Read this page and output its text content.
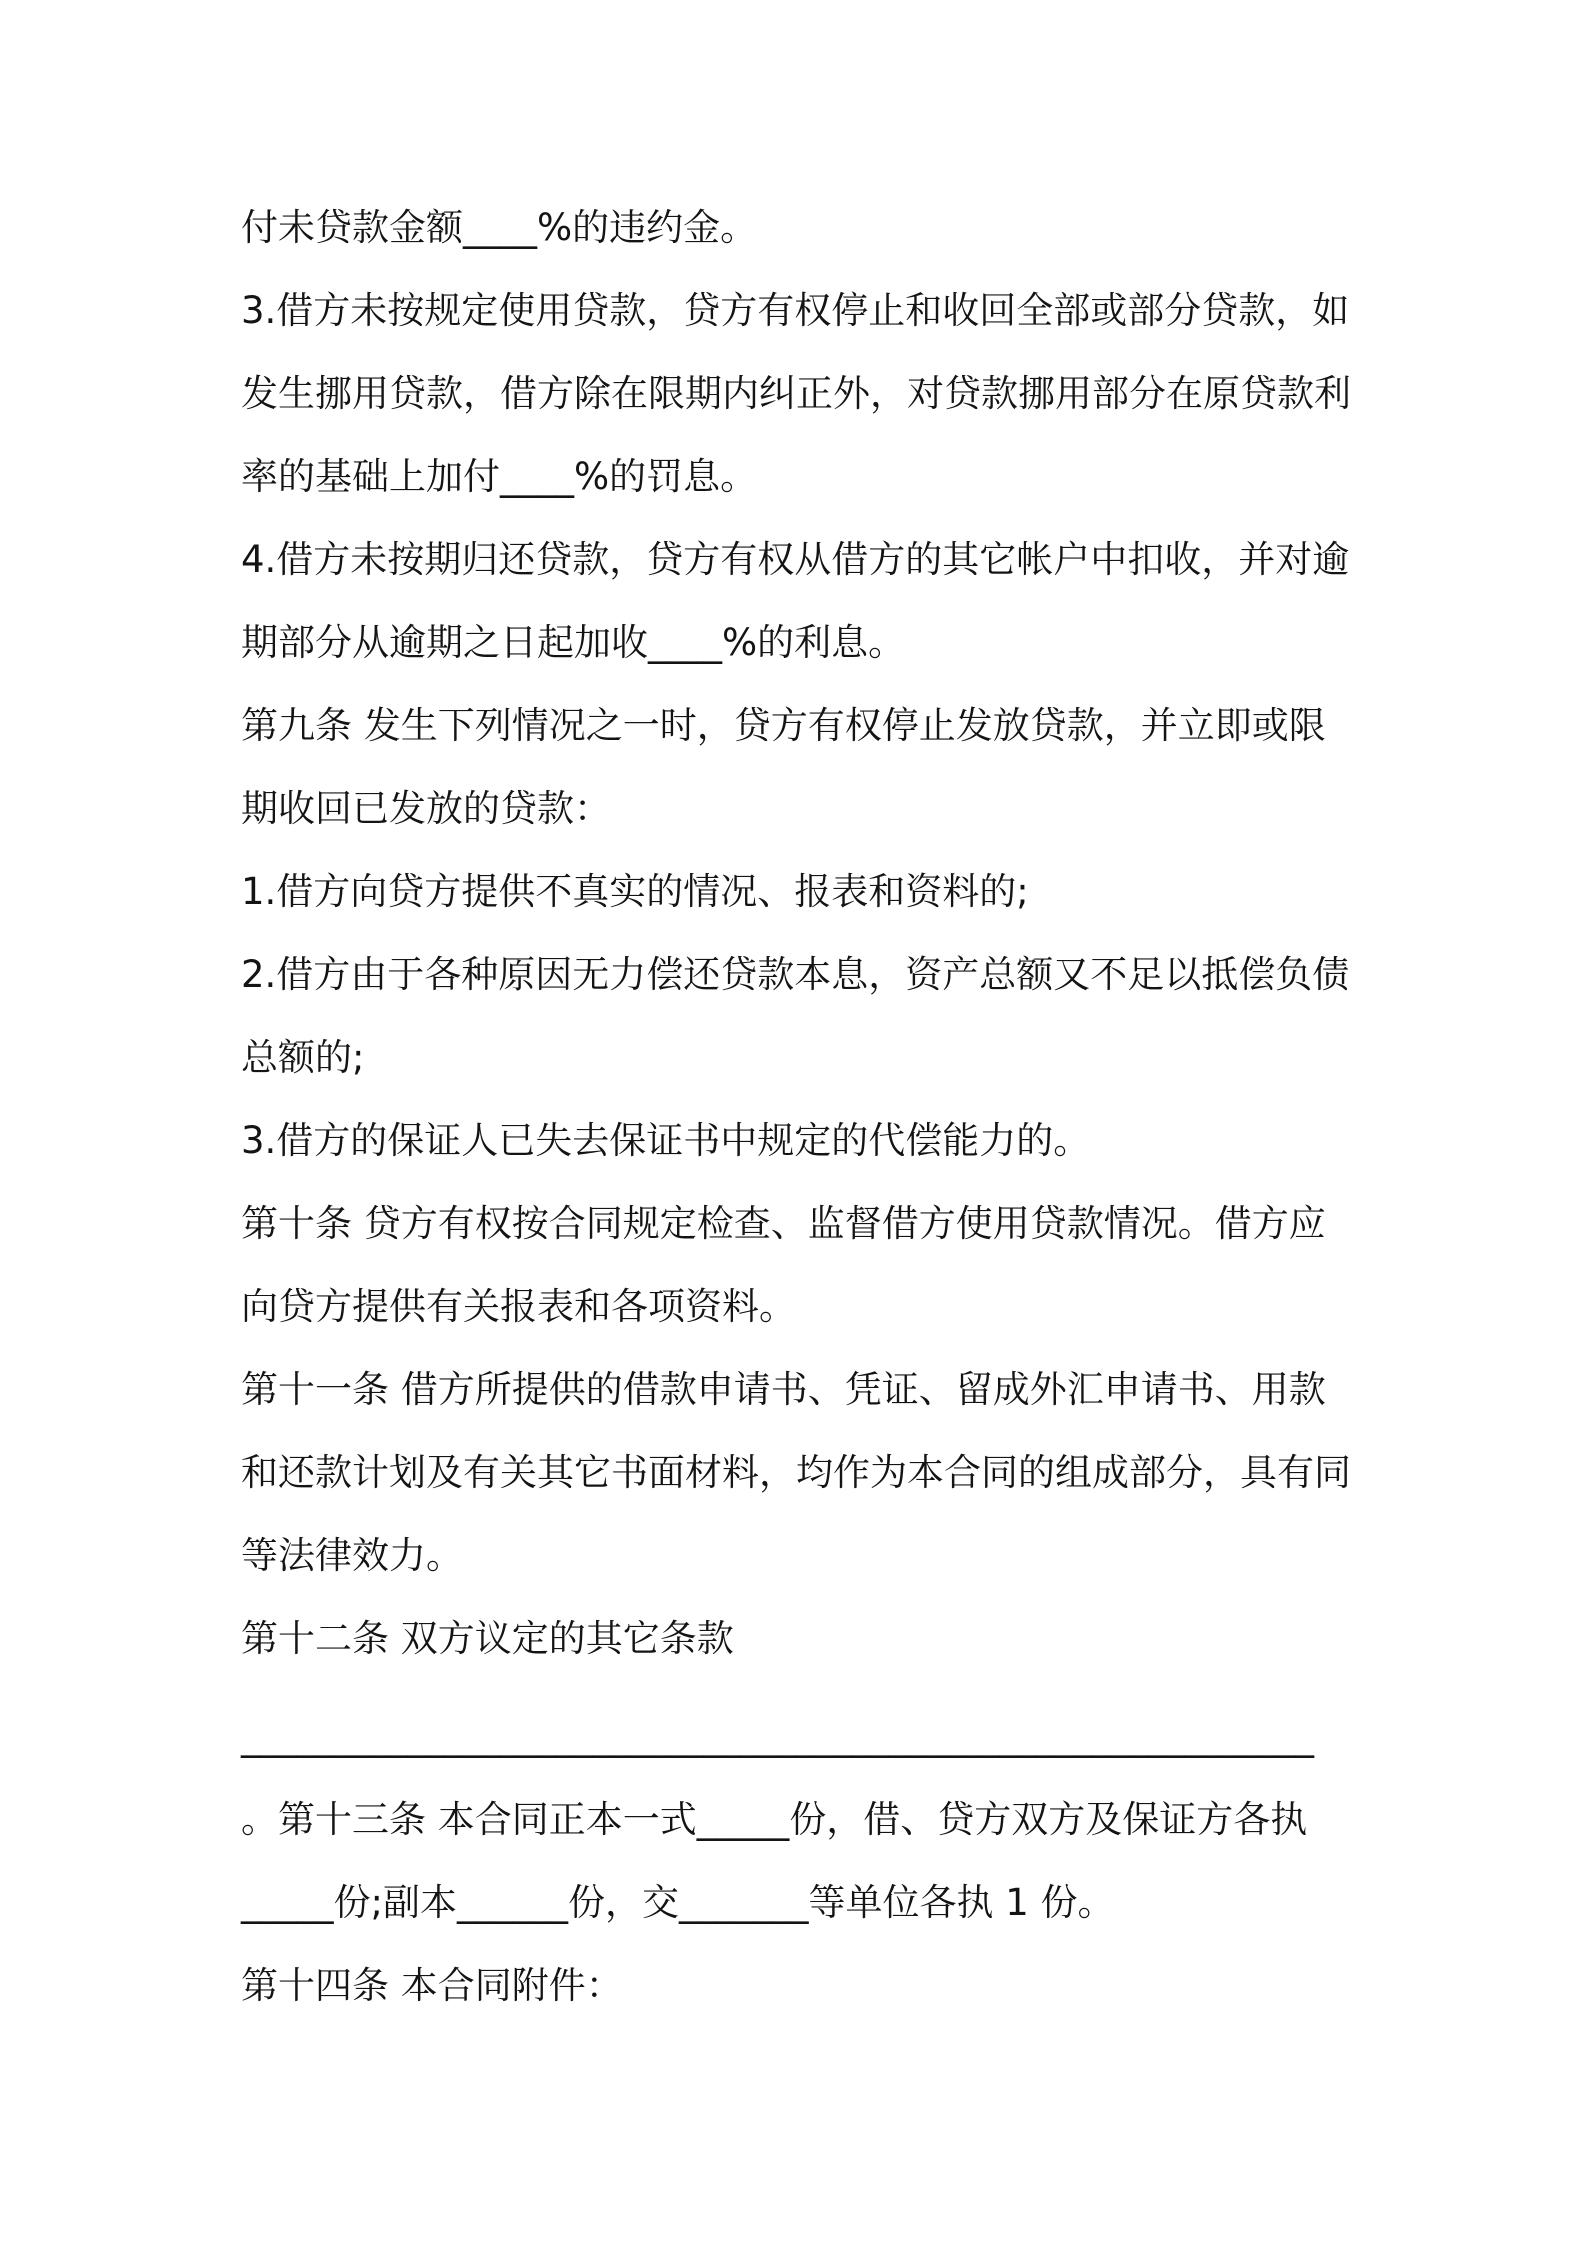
付未贷款金额____%的违约金。
3.借方未按规定使用贷款，贷方有权停止和收回全部或部分贷款，如
发生挪用贷款，借方除在限期内纠正外，对贷款挪用部分在原贷款利
率的基础上加付____%的罚息。
4.借方未按期归还贷款，贷方有权从借方的其它帐户中扣收，并对逾
期部分从逾期之日起加收____%的利息。
第九条 发生下列情况之一时，贷方有权停止发放贷款，并立即或限
期收回已发放的贷款：
1.借方向贷方提供不真实的情况、报表和资料的;
2.借方由于各种原因无力偿还贷款本息，资产总额又不足以抵偿负债
总额的;
3.借方的保证人已失去保证书中规定的代偿能力的。
第十条 贷方有权按合同规定检查、监督借方使用贷款情况。借方应
向贷方提供有关报表和各项资料。
第十一条 借方所提供的借款申请书、凭证、留成外汇申请书、用款
和还款计划及有关其它书面材料，均作为本合同的组成部分，具有同
等法律效力。
第十二条 双方议定的其它条款
__________________________________________________________
。第十三条 本合同正本一式_____份，借、贷方双方及保证方各执
_____份;副本______份，交_______等单位各执 1 份。
第十四条 本合同附件：
